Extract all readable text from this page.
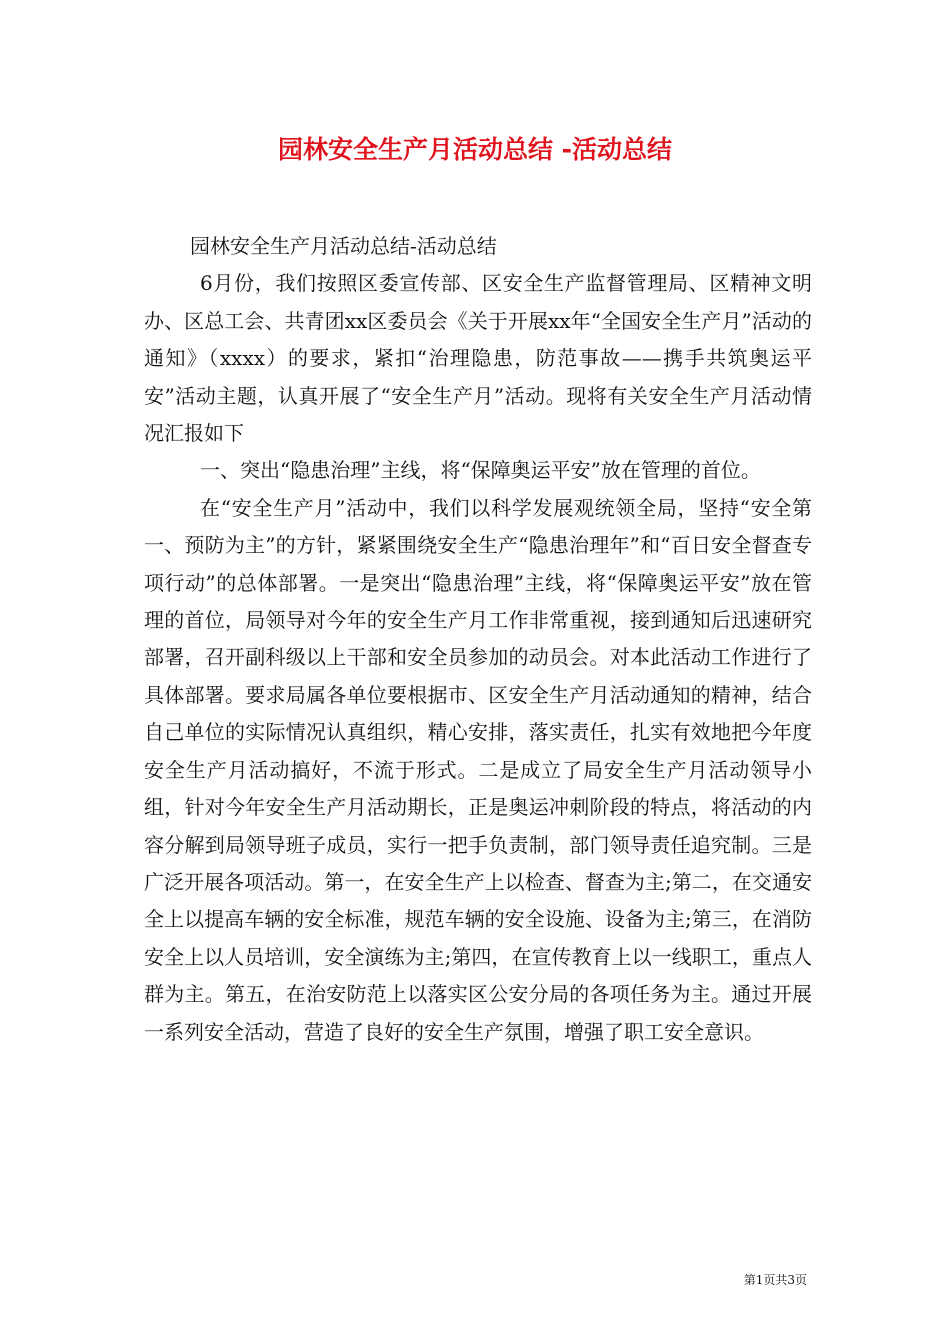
园林安全生产月活动总结 -活动总结

园林安全生产月活动总结-活动总结

6月份，我们按照区委宣传部、区安全生产监督管理局、区精神文明办、区总工会、共青团xx区委员会《关于开展xx年“全国安全生产月”活动的通知》（xxxx）的要求，紧扣“治理隐患，防范事故——携手共筑奥运平安”活动主题，认真开展了“安全生产月”活动。现将有关安全生产月活动情况汇报如下

一、突出“隐患治理”主线，将“保障奥运平安”放在管理的首位。

在“安全生产月”活动中，我们以科学发展观统领全局，坚持“安全第一、预防为主”的方针，紧紧围绕安全生产“隐患治理年”和“百日安全督查专项行动”的总体部署。一是突出“隐患治理”主线，将“保障奥运平安”放在管理的首位，局领导对今年的安全生产月工作非常重视，接到通知后迅速研究部署，召开副科级以上干部和安全员参加的动员会。对本此活动工作进行了具体部署。要求局属各单位要根据市、区安全生产月活动通知的精神，结合自己单位的实际情况认真组织，精心安排，落实责任，扎实有效地把今年度安全生产月活动搞好，不流于形式。二是成立了局安全生产月活动领导小组，针对今年安全生产月活动期长，正是奥运冲刺阶段的特点，将活动的内容分解到局领导班子成员，实行一把手负责制，部门领导责任追究制。三是广泛开展各项活动。第一，在安全生产上以检查、督查为主;第二，在交通安全上以提高车辆的安全标准，规范车辆的安全设施、设备为主;第三，在消防安全上以人员培训，安全演练为主;第四，在宣传教育上以一线职工，重点人群为主。第五，在治安防范上以落实区公安分局的各项任务为主。通过开展一系列安全活动，营造了良好的安全生产氛围，增强了职工安全意识。

第1页共3页
